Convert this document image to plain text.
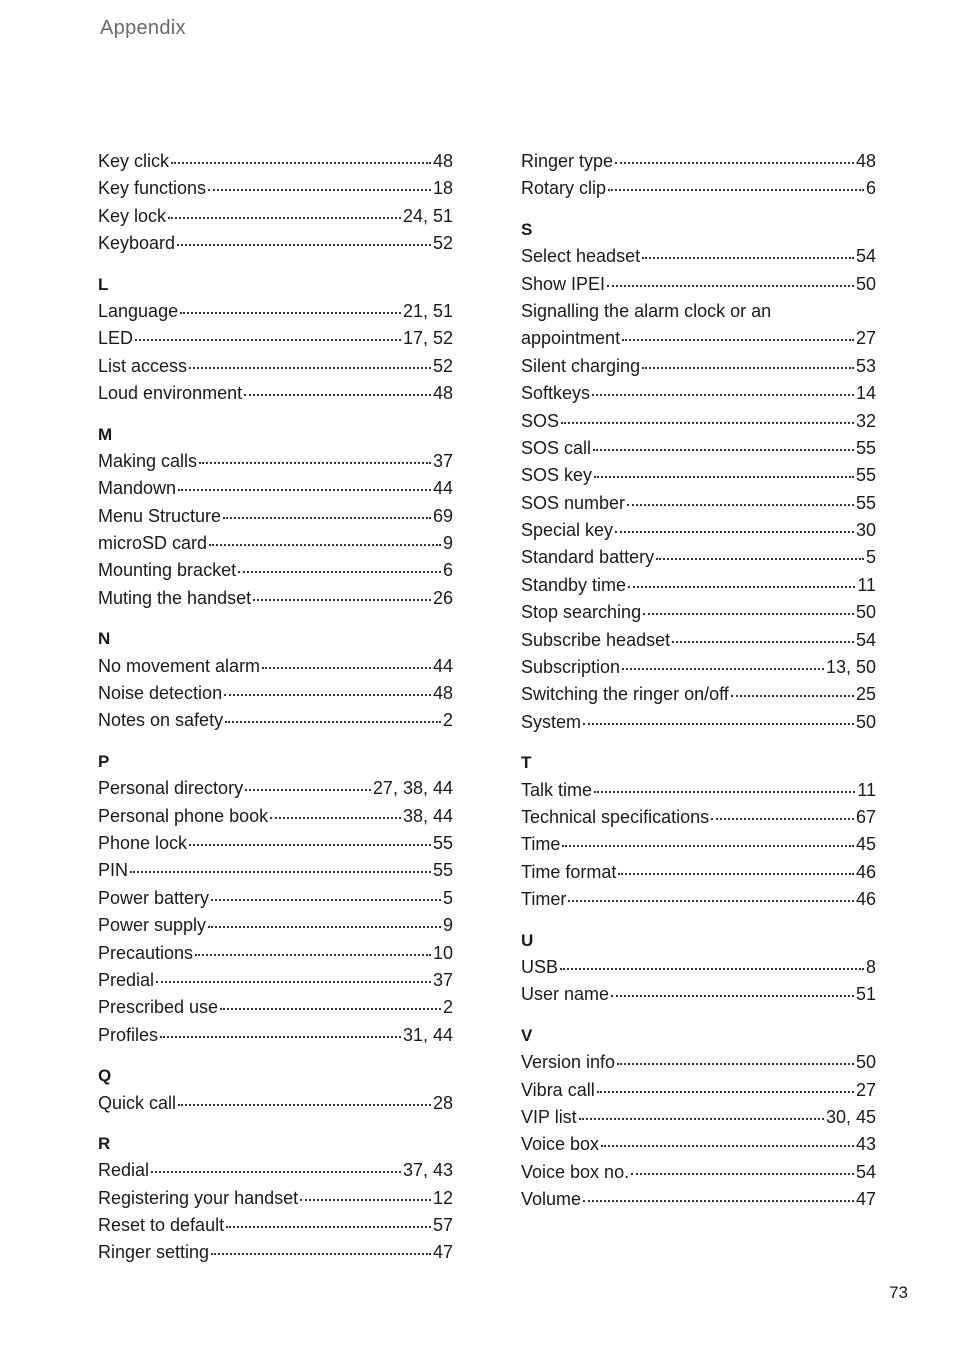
Appendix
Key click	48
Key functions	18
Key lock	24, 51
Keyboard	52
L
Language	21, 51
LED	17, 52
List access	52
Loud environment	48
M
Making calls	37
Mandown	44
Menu Structure	69
microSD card	9
Mounting bracket	6
Muting the handset	26
N
No movement alarm	44
Noise detection	48
Notes on safety	2
P
Personal directory	27, 38, 44
Personal phone book	38, 44
Phone lock	55
PIN	55
Power battery	5
Power supply	9
Precautions	10
Predial	37
Prescribed use	2
Profiles	31, 44
Q
Quick call	28
R
Redial	37, 43
Registering your handset	12
Reset to default	57
Ringer setting	47
Ringer type	48
Rotary clip	6
S
Select headset	54
Show IPEI	50
Signalling the alarm clock or an
appointment	27
Silent charging	53
Softkeys	14
SOS	32
SOS call	55
SOS key	55
SOS number	55
Special key	30
Standard battery	5
Standby time	11
Stop searching	50
Subscribe headset	54
Subscription	13, 50
Switching the ringer on/off	25
System	50
T
Talk time	11
Technical specifications	67
Time	45
Time format	46
Timer	46
U
USB	8
User name	51
V
Version info	50
Vibra call	27
VIP list	30, 45
Voice box	43
Voice box no.	54
Volume	47
73
